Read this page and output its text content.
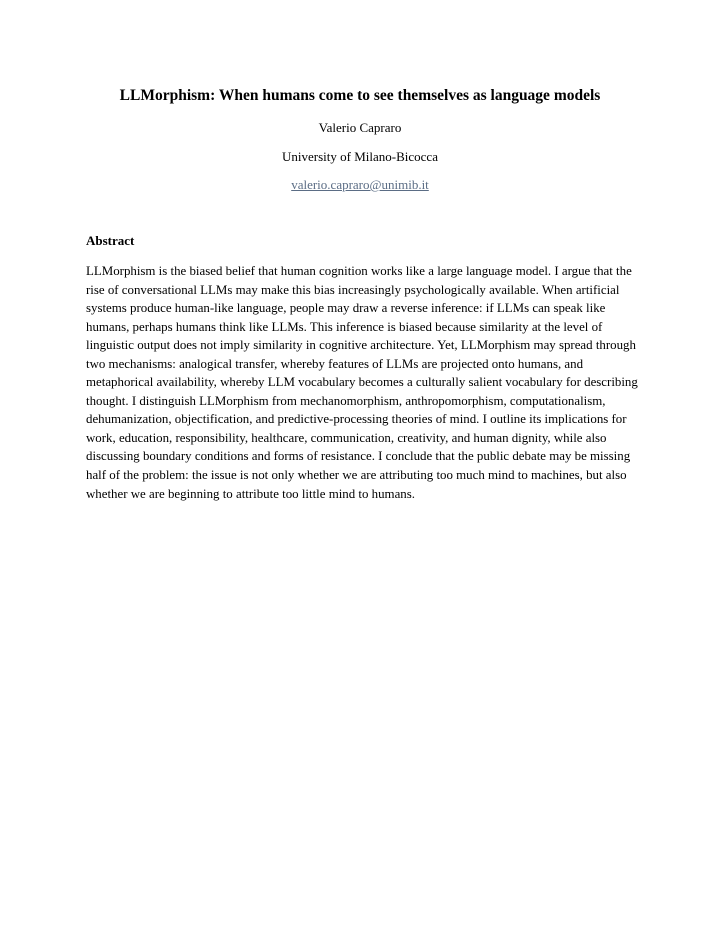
LLMorphism: When humans come to see themselves as language models
Valerio Capraro
University of Milano-Bicocca
valerio.capraro@unimib.it
Abstract

LLMorphism is the biased belief that human cognition works like a large language model. I argue that the rise of conversational LLMs may make this bias increasingly psychologically available. When artificial systems produce human-like language, people may draw a reverse inference: if LLMs can speak like humans, perhaps humans think like LLMs. This inference is biased because similarity at the level of linguistic output does not imply similarity in cognitive architecture. Yet, LLMorphism may spread through two mechanisms: analogical transfer, whereby features of LLMs are projected onto humans, and metaphorical availability, whereby LLM vocabulary becomes a culturally salient vocabulary for describing thought. I distinguish LLMorphism from mechanomorphism, anthropomorphism, computationalism, dehumanization, objectification, and predictive-processing theories of mind. I outline its implications for work, education, responsibility, healthcare, communication, creativity, and human dignity, while also discussing boundary conditions and forms of resistance. I conclude that the public debate may be missing half of the problem: the issue is not only whether we are attributing too much mind to machines, but also whether we are beginning to attribute too little mind to humans.
